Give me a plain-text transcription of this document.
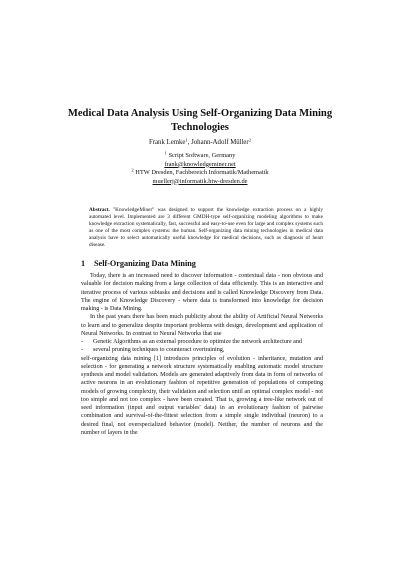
Medical Data Analysis Using Self-Organizing Data Mining Technologies
Frank Lemke$^1$, Johann-Adolf Müller$^2$
$^1$ Script Software, Germany
frank@knowledgeminer.net
$^2$ HTW Dresden, Fachbereich Informatik/Mathematik
muellerj@informatik.htw-dresden.de
Abstract. "KnowledgeMiner" was designed to support the knowledge extraction process on a highly automated level. Implemented are 3 different GMDH-type self-organizing modeling algorithms to make knowledge extraction systematically, fast, successful and easy-to-use even for large and complex systems such as one of the most complex systems: the human. Self-organizing data mining technologies in medical data analysis have to select automatically useful knowledge for medical decisions, such as diagnosis of heart disease.
1 Self-Organizing Data Mining

Today, there is an increased need to discover information - contextual data - non obvious and valuable for decision making from a large collection of data efficiently. This is an interactive and iterative process of various subtasks and decisions and is called Knowledge Discovery from Data. The engine of Knowledge Discovery - where data is transformed into knowledge for decision making - is Data Mining.

In the past years there has been much publicity about the ability of Artificial Neural Networks to learn and to generalize despite important problems with design, development and application of Neural Networks. In contrast to Neural Networks that use

-	Genetic Algorithms as an external procedure to optimize the network architecture and
-	several pruning techniques to counteract overtraining,

self-organizing data mining [1] introduces principles of evolution - inheritance, mutation and selection - for generating a network structure systematically enabling automatic model structure synthesis and model validation. Models are generated adaptively from data in form of networks of active neurons in an evolutionary fashion of repetitive generation of populations of competing models of growing complexity, their validation and selection until an optimal complex model - not too simple and not too complex - have been created. That is, growing a tree-like network out of seed information (input and output variables' data) in an evolutionary fashion of pairwise combination and survival-of-the-fittest selection from a simple single individual (neuron) to a desired final, not overspecialized behavior (model). Neither, the number of neurons and the number of layers in the
